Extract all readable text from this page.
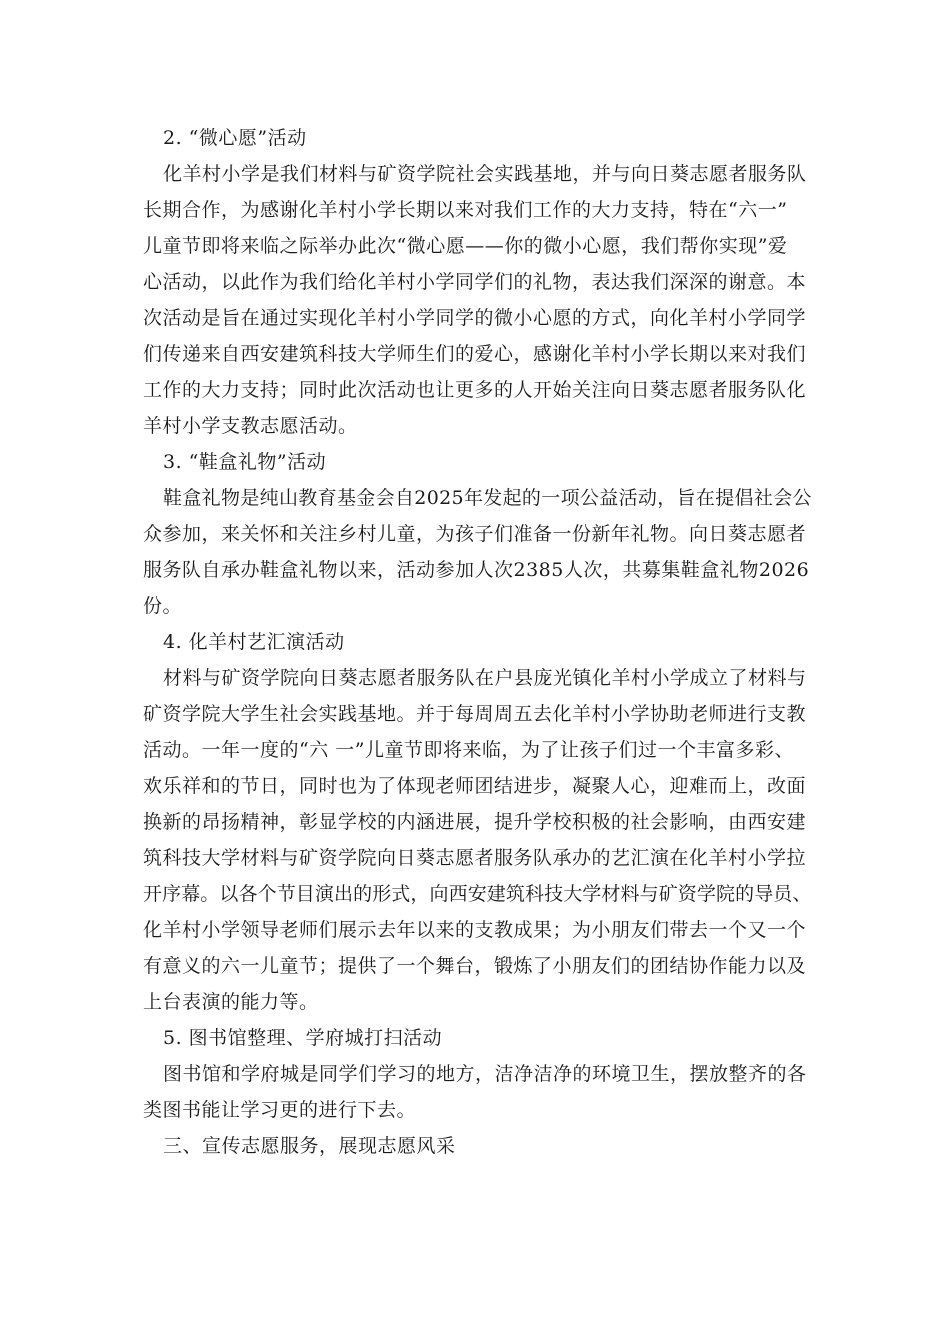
2. “微心愿”活动
化羊村小学是我们材料与矿资学院社会实践基地，并与向日葵志愿者服务队
长期合作，为感谢化羊村小学长期以来对我们工作的大力支持，特在“六一”
儿童节即将来临之际举办此次“微心愿——你的微小心愿，我们帮你实现”爱
心活动，以此作为我们给化羊村小学同学们的礼物，表达我们深深的谢意。本
次活动是旨在通过实现化羊村小学同学的微小心愿的方式，向化羊村小学同学
们传递来自西安建筑科技大学师生们的爱心，感谢化羊村小学长期以来对我们
工作的大力支持；同时此次活动也让更多的人开始关注向日葵志愿者服务队化
羊村小学支教志愿活动。
3. “鞋盒礼物”活动
鞋盒礼物是纯山教育基金会自2025年发起的一项公益活动，旨在提倡社会公
众参加，来关怀和关注乡村儿童，为孩子们准备一份新年礼物。向日葵志愿者
服务队自承办鞋盒礼物以来，活动参加人次2385人次，共募集鞋盒礼物2026
份。
4. 化羊村艺汇演活动
材料与矿资学院向日葵志愿者服务队在户县庞光镇化羊村小学成立了材料与
矿资学院大学生社会实践基地。并于每周周五去化羊村小学协助老师进行支教
活动。一年一度的“六 一”儿童节即将来临，为了让孩子们过一个丰富多彩、
欢乐祥和的节日，同时也为了体现老师团结进步，凝聚人心，迎难而上，改面
换新的昂扬精神，彰显学校的内涵进展，提升学校积极的社会影响，由西安建
筑科技大学材料与矿资学院向日葵志愿者服务队承办的艺汇演在化羊村小学拉
开序幕。以各个节目演出的形式，向西安建筑科技大学材料与矿资学院的导员、
化羊村小学领导老师们展示去年以来的支教成果；为小朋友们带去一个又一个
有意义的六一儿童节；提供了一个舞台，锻炼了小朋友们的团结协作能力以及
上台表演的能力等。
5. 图书馆整理、学府城打扫活动
图书馆和学府城是同学们学习的地方，洁净洁净的环境卫生，摆放整齐的各
类图书能让学习更的进行下去。
三、宣传志愿服务，展现志愿风采
